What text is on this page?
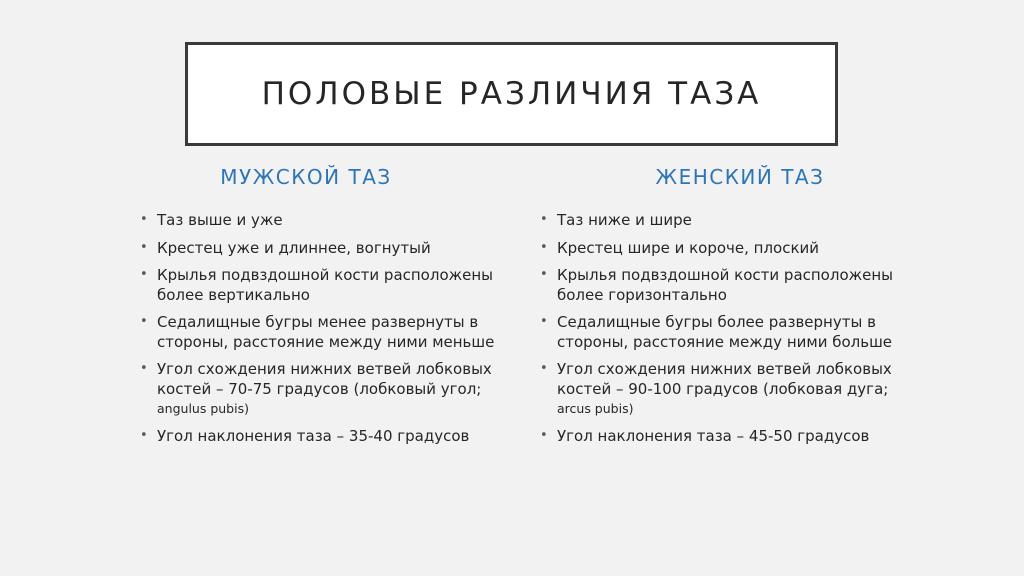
ПОЛОВЫЕ РАЗЛИЧИЯ ТАЗА
МУЖСКОЙ ТАЗ
• Таз выше и уже
• Крестец уже и длиннее, вогнутый
• Крылья подвздошной кости расположены более вертикально
• Седалищные бугры менее развернуты в стороны, расстояние между ними меньше
• Угол схождения нижних ветвей лобковых костей – 70-75 градусов (лобковый угол; angulus pubis)
• Угол наклонения таза – 35-40 градусов
ЖЕНСКИЙ ТАЗ
• Таз ниже и шире
• Крестец шире и короче, плоский
• Крылья подвздошной кости расположены более горизонтально
• Седалищные бугры более развернуты в стороны, расстояние между ними больше
• Угол схождения нижних ветвей лобковых костей – 90-100 градусов (лобковая дуга; arcus pubis)
• Угол наклонения таза – 45-50 градусов
